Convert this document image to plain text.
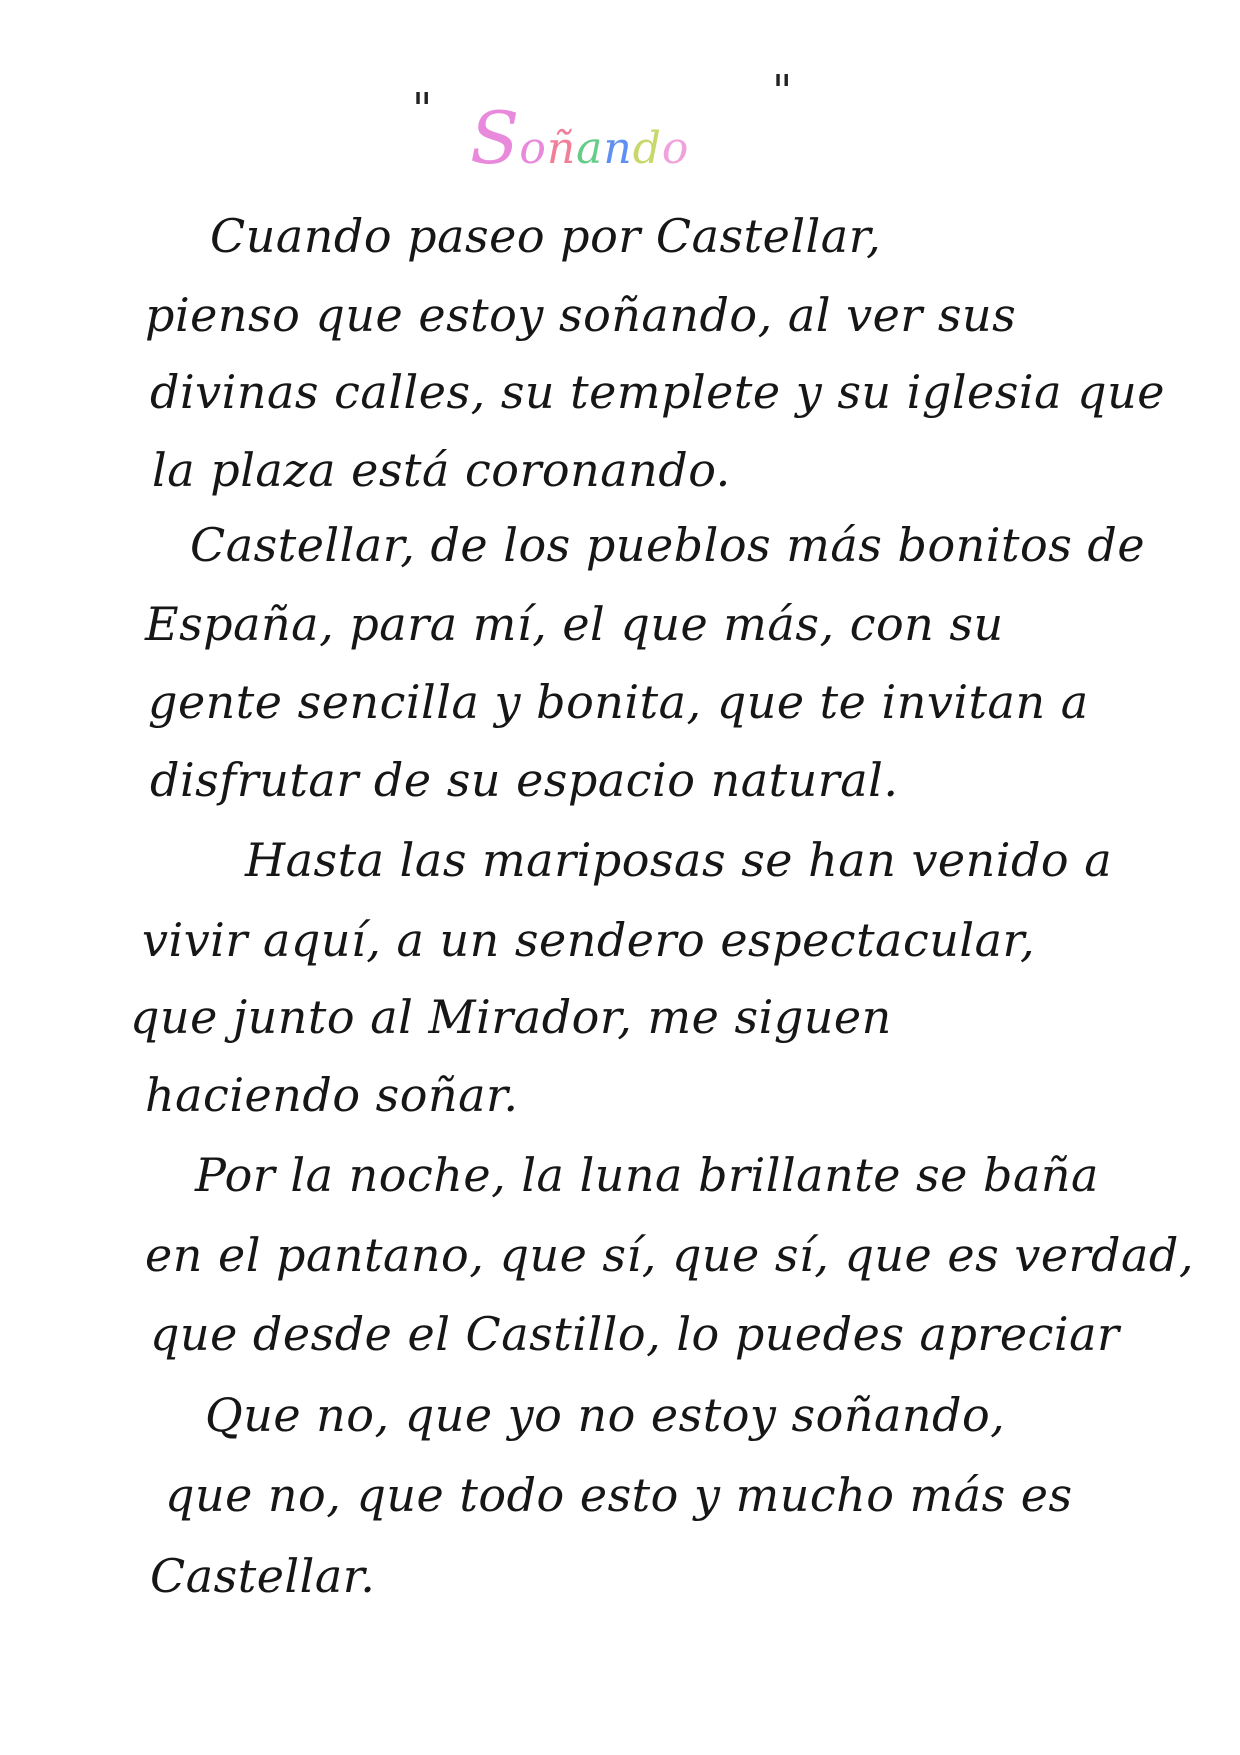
" Soñando
"

Cuando paseo por Castellar,

pienso que estoy soñando, al ver sus

divinas calles, su templete y su iglesia que

la plaza está coronando.

Castellar, de los pueblos más bonitos de

España, para mí, el que más, con su

gente sencilla y bonita, que te invitan a

disfrutar de su espacio natural.

Hasta las mariposas se han venido a

vivir aquí, a un sendero espectacular,

que junto al Mirador, me siguen

haciendo soñar.

Por la noche, la luna brillante se baña

en el pantano, que sí, que sí, que es verdad,

que desde el Castillo, lo puedes apreciar

Que no, que yo no estoy soñando,

que no, que todo esto y mucho más es

Castellar.
